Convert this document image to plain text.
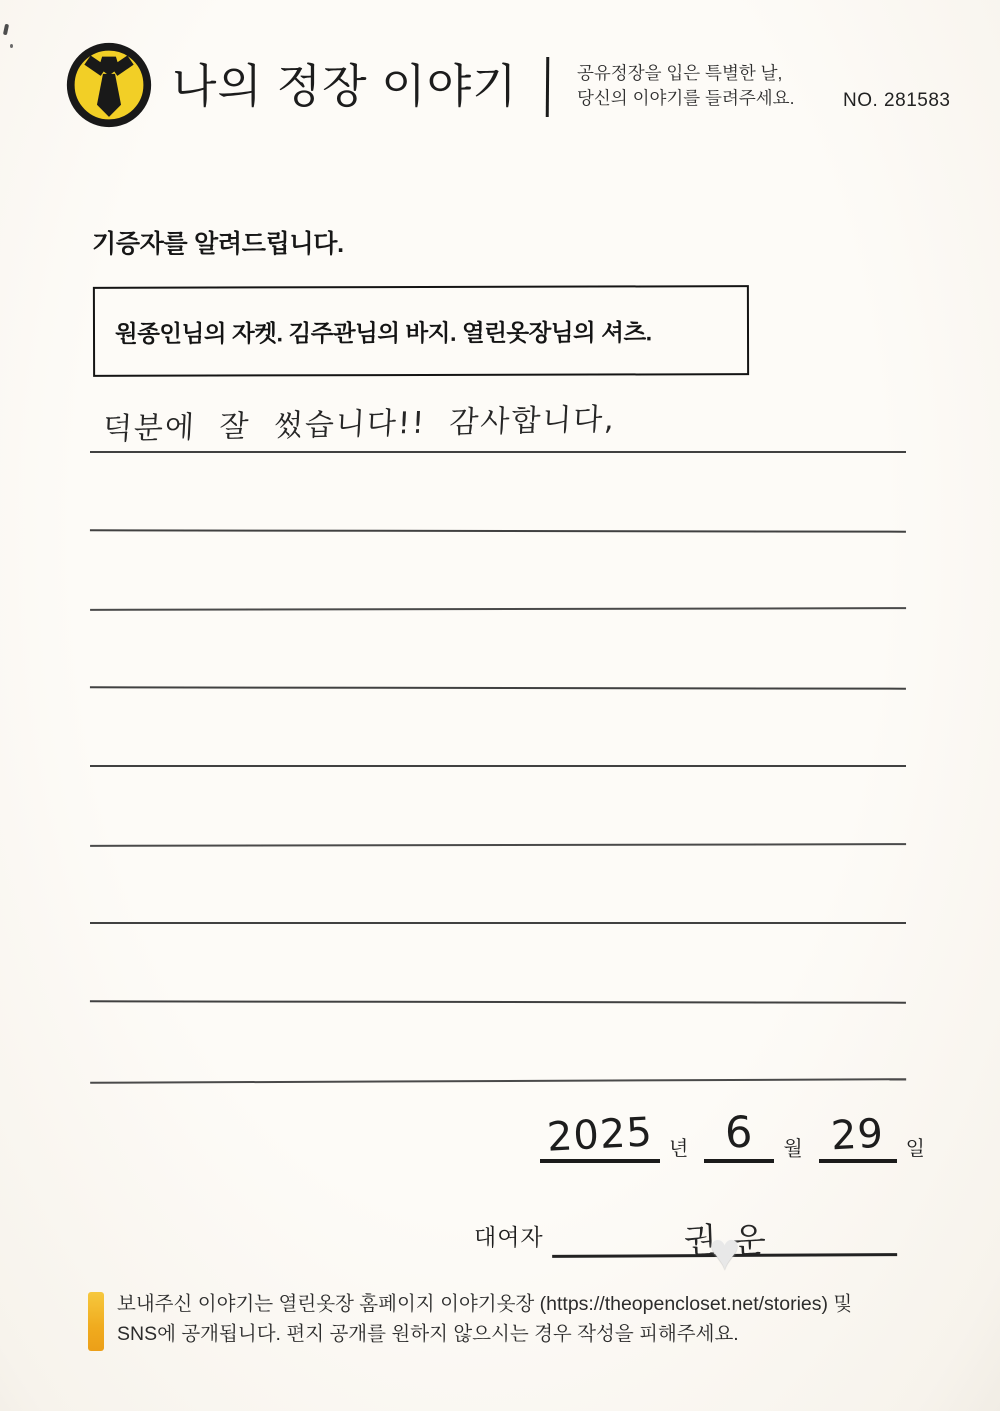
나의 정장 이야기	공유정장을 입은 특별한 날,
당신의 이야기를 들려주세요.	NO. 281583
기증자를 알려드립니다.
원종인님의 자켓. 김주관님의 바지. 열린옷장님의 셔츠.
덕분에 잘 썼습니다!! 감사합니다,
2025 년 6	월 29	일
대여자	권
♥
운
보내주신 이야기는 열린옷장 홈페이지 이야기옷장 (https://theopencloset.net/stories) 및
SNS에 공개됩니다. 편지 공개를 원하지 않으시는 경우 작성을 피해주세요.
